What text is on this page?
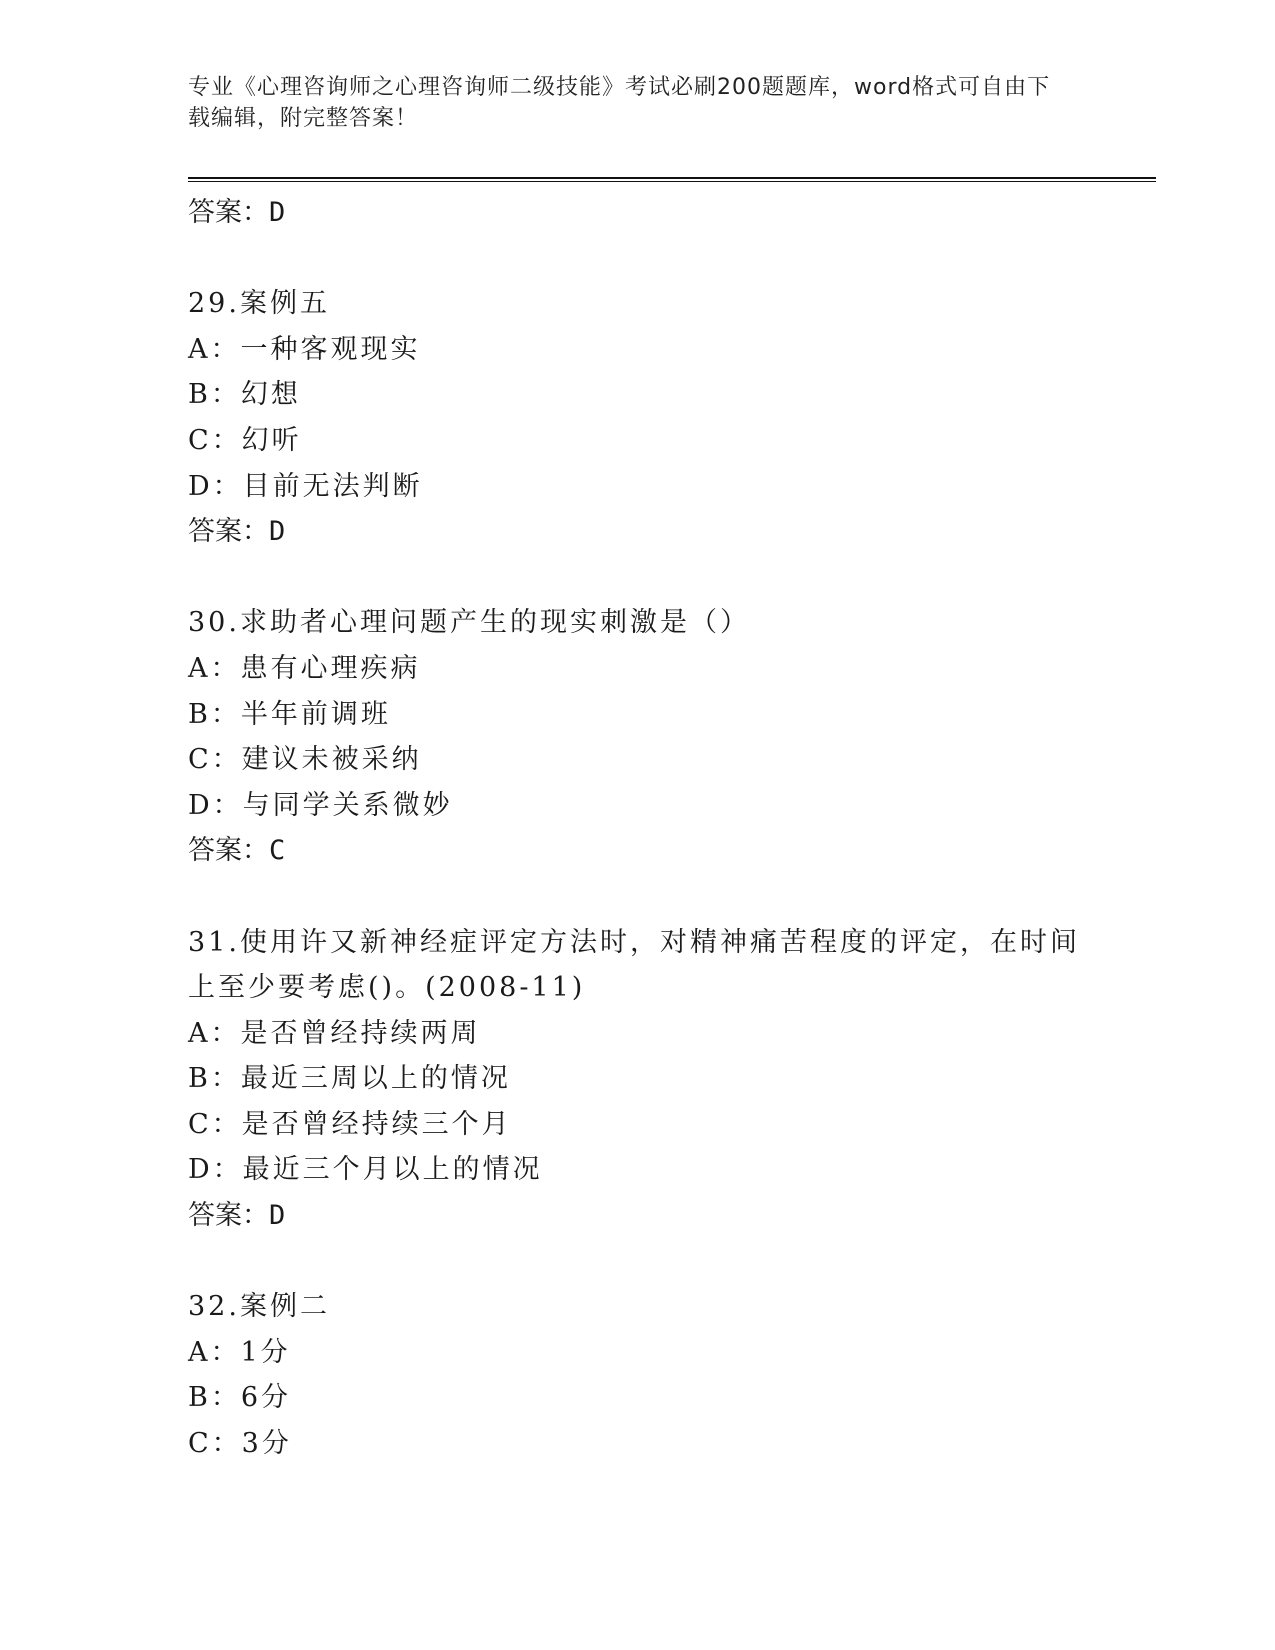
专业《心理咨询师之心理咨询师二级技能》考试必刷200题题库，word格式可自由下载编辑，附完整答案！
答案：D
29.案例五
A：一种客观现实
B：幻想
C：幻听
D：目前无法判断
答案：D
30.求助者心理问题产生的现实刺激是（）
A：患有心理疾病
B：半年前调班
C：建议未被采纳
D：与同学关系微妙
答案：C
31.使用许又新神经症评定方法时，对精神痛苦程度的评定，在时间上至少要考虑()。(2008-11)
A：是否曾经持续两周
B：最近三周以上的情况
C：是否曾经持续三个月
D：最近三个月以上的情况
答案：D
32.案例二
A：1分
B：6分
C：3分
